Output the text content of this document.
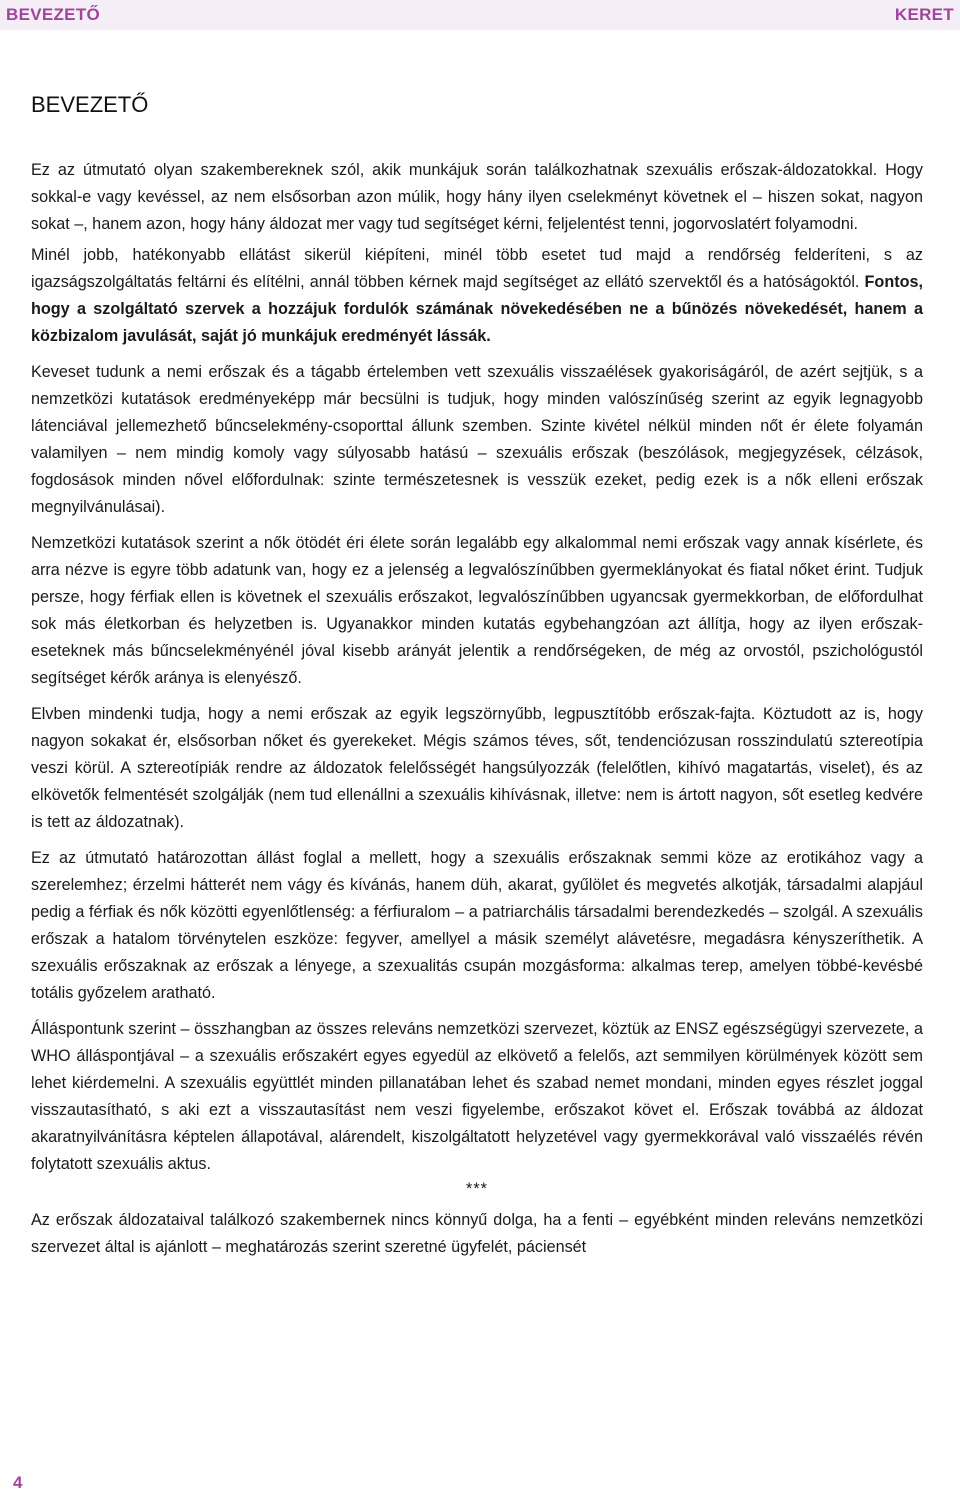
BEVEZETŐ	KERET
BEVEZETŐ

Ez az útmutató olyan szakembereknek szól, akik munkájuk során találkozhatnak szexuális erőszak-áldozatokkal. Hogy sokkal-e vagy kevéssel, az nem elsősorban azon múlik, hogy hány ilyen cselekményt követnek el – hiszen sokat, nagyon sokat –, hanem azon, hogy hány áldozat mer vagy tud segítséget kérni, feljelentést tenni, jogorvoslatért folyamodni.

Minél jobb, hatékonyabb ellátást sikerül kiépíteni, minél több esetet tud majd a rendőrség felderíteni, s az igazságszolgáltatás feltárni és elítélni, annál többen kérnek majd segítséget az ellátó szervektől és a hatóságoktól. Fontos, hogy a szolgáltató szervek a hozzájuk fordulók számának növekedésében ne a bűnözés növekedését, hanem a közbizalom javulását, saját jó munkájuk eredményét lássák.

Keveset tudunk a nemi erőszak és a tágabb értelemben vett szexuális visszaélések gyakoriságáról, de azért sejtjük, s a nemzetközi kutatások eredményeképp már becsülni is tudjuk, hogy minden valószínűség szerint az egyik legnagyobb látenciával jellemezhető bűncselekmény-csoporttal állunk szemben. Szinte kivétel nélkül minden nőt ér élete folyamán valamilyen – nem mindig komoly vagy súlyosabb hatású – szexuális erőszak (beszólások, megjegyzések, célzások, fogdosások minden nővel előfordulnak: szinte természetesnek is vesszük ezeket, pedig ezek is a nők elleni erőszak megnyilvánulásai).

Nemzetközi kutatások szerint a nők ötödét éri élete során legalább egy alkalommal nemi erőszak vagy annak kísérlete, és arra nézve is egyre több adatunk van, hogy ez a jelenség a legvalószínűbben gyermeklányokat és fiatal nőket érint. Tudjuk persze, hogy férfiak ellen is követnek el szexuális erőszakot, legvalószínűbben ugyancsak gyermekkorban, de előfordulhat sok más életkorban és helyzetben is. Ugyanakkor minden kutatás egybehangzóan azt állítja, hogy az ilyen erőszak-eseteknek más bűncselekményénél jóval kisebb arányát jelentik a rendőrségeken, de még az orvostól, pszichológustól segítséget kérők aránya is elenyésző.

Elvben mindenki tudja, hogy a nemi erőszak az egyik legszörnyűbb, legpusztítóbb erőszak-fajta. Köztudott az is, hogy nagyon sokakat ér, elsősorban nőket és gyerekeket. Mégis számos téves, sőt, tendenciózusan rosszindulatú sztereotípia veszi körül. A sztereotípiák rendre az áldozatok felelősségét hangsúlyozzák (felelőtlen, kihívó magatartás, viselet), és az elkövetők felmentését szolgálják (nem tud ellenállni a szexuális kihívásnak, illetve: nem is ártott nagyon, sőt esetleg kedvére is tett az áldozatnak).

Ez az útmutató határozottan állást foglal a mellett, hogy a szexuális erőszaknak semmi köze az erotikához vagy a szerelemhez; érzelmi hátterét nem vágy és kívánás, hanem düh, akarat, gyűlölet és megvetés alkotják, társadalmi alapjául pedig a férfiak és nők közötti egyenlőtlenség: a férfiuralom – a patriarchális társadalmi berendezkedés – szolgál. A szexuális erőszak a hatalom törvénytelen eszköze: fegyver, amellyel a másik személyt alávetésre, megadásra kényszeríthetik. A szexuális erőszaknak az erőszak a lényege, a szexualitás csupán mozgásforma: alkalmas terep, amelyen többé-kevésbé totális győzelem aratható.

Álláspontunk szerint – összhangban az összes releváns nemzetközi szervezet, köztük az ENSZ egészségügyi szervezete, a WHO álláspontjával – a szexuális erőszakért egyes egyedül az elkövető a felelős, azt semmilyen körülmények között sem lehet kiérdemelni. A szexuális együttlét minden pillanatában lehet és szabad nemet mondani, minden egyes részlet joggal visszautasítható, s aki ezt a visszautasítást nem veszi figyelembe, erőszakot követ el. Erőszak továbbá az áldozat akaratnyilvánításra képtelen állapotával, alárendelt, kiszolgáltatott helyzetével vagy gyermekkorával való visszaélés révén folytatott szexuális aktus.

***

Az erőszak áldozataival találkozó szakembernek nincs könnyű dolga, ha a fenti – egyébként minden releváns nemzetközi szervezet által is ajánlott – meghatározás szerint szeretné ügyfelét, páciensét

4
